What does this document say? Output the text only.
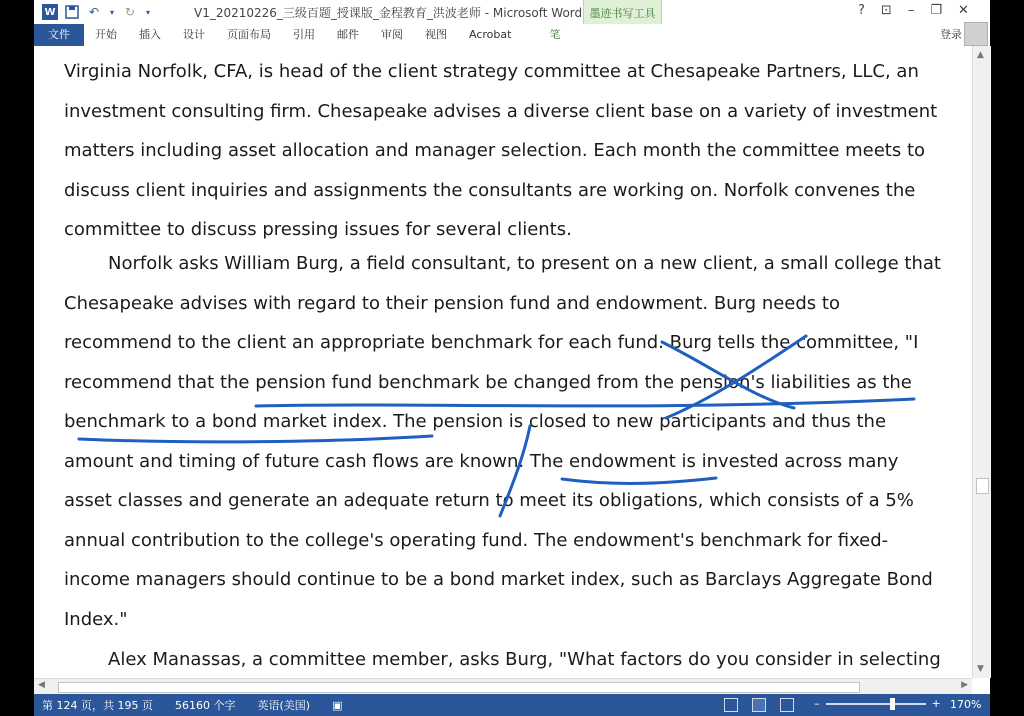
W	↶	▾ ↻	▾	V1_20210226_三级百题_授课版_金程教育_洪波老师 - Microsoft Word 墨迹书写工具	? ⊡ – ❐ ✕
文件	开始	插入	设计	页面布局	引用	邮件	审阅	视图	Acrobat	笔	登录

Virginia Norfolk, CFA, is head of the client strategy committee at Chesapeake Partners, LLC, an investment consulting firm. Chesapeake advises a diverse client base on a variety of investment matters including asset allocation and manager selection. Each month the committee meets to discuss client inquiries and assignments the consultants are working on. Norfolk convenes the committee to discuss pressing issues for several clients.

Norfolk asks William Burg, a field consultant, to present on a new client, a small college that Chesapeake advises with regard to their pension fund and endowment. Burg needs to recommend to the client an appropriate benchmark for each fund. Burg tells the committee, "I recommend that the pension fund benchmark be changed from the pension's liabilities as the benchmark to a bond market index. The pension is closed to new participants and thus the amount and timing of future cash flows are known. The endowment is invested across many asset classes and generate an adequate return to meet its obligations, which consists of a 5% annual contribution to the college's operating fund. The endowment's benchmark for fixed-income managers should continue to be a bond market index, such as Barclays Aggregate Bond Index."

Alex Manassas, a committee member, asks Burg, "What factors do you consider in selecting

▲
▼
◀	▶
第 124 页，共 195 页 56160 个字 英语(美国) ▣	–	+ 170%
